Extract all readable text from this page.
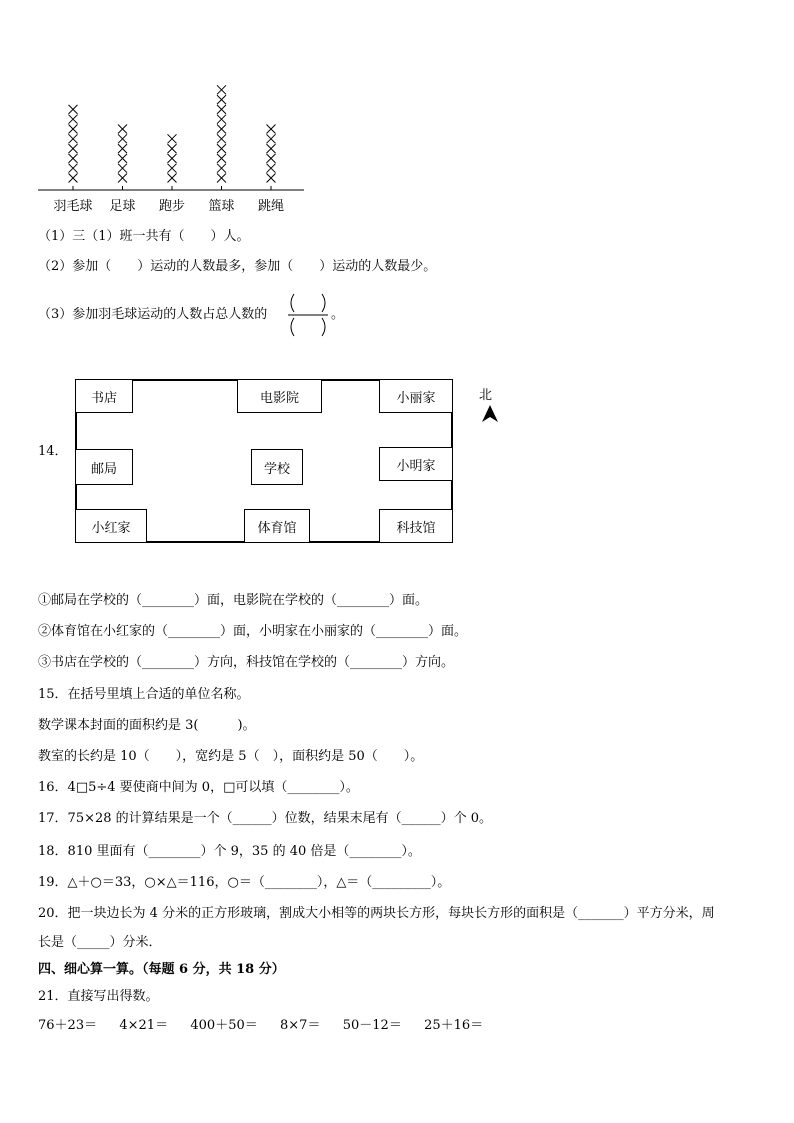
羽毛球	足球	跑步	篮球	跳绳
（1）三（1）班一共有（　　）人。
（2）参加（　　）运动的人数最多，参加（　　）运动的人数最少。
（3）参加羽毛球运动的人数占总人数的	。
14．
书店	电影院	小丽家
邮局	学校	小明家
小红家	体育馆	科技馆
北
①邮局在学校的（________）面，电影院在学校的（________）面。
②体育馆在小红家的（________）面，小明家在小丽家的（________）面。
③书店在学校的（________）方向，科技馆在学校的（________）方向。
15．在括号里填上合适的单位名称。
数学课本封面的面积约是 3(　　　)。
教室的长约是 10（　　），宽约是 5（　），面积约是 50（　　）。
16．4□5÷4 要使商中间为 0，□可以填（________）。
17．75×28 的计算结果是一个（______）位数，结果末尾有（______）个 0。
18．810 里面有（________）个 9，35 的 40 倍是（________）。
19．△＋○＝33，○×△＝116，○＝（________），△＝（_________）。
20．把一块边长为 4 分米的正方形玻璃，割成大小相等的两块长方形，每块长方形的面积是（_______）平方分米，周
长是（_____）分米．
四、细心算一算。（每题 6 分，共 18 分）
21．直接写出得数。
76＋23＝ 4×21＝ 400＋50＝ 8×7＝ 50－12＝ 25＋16＝
